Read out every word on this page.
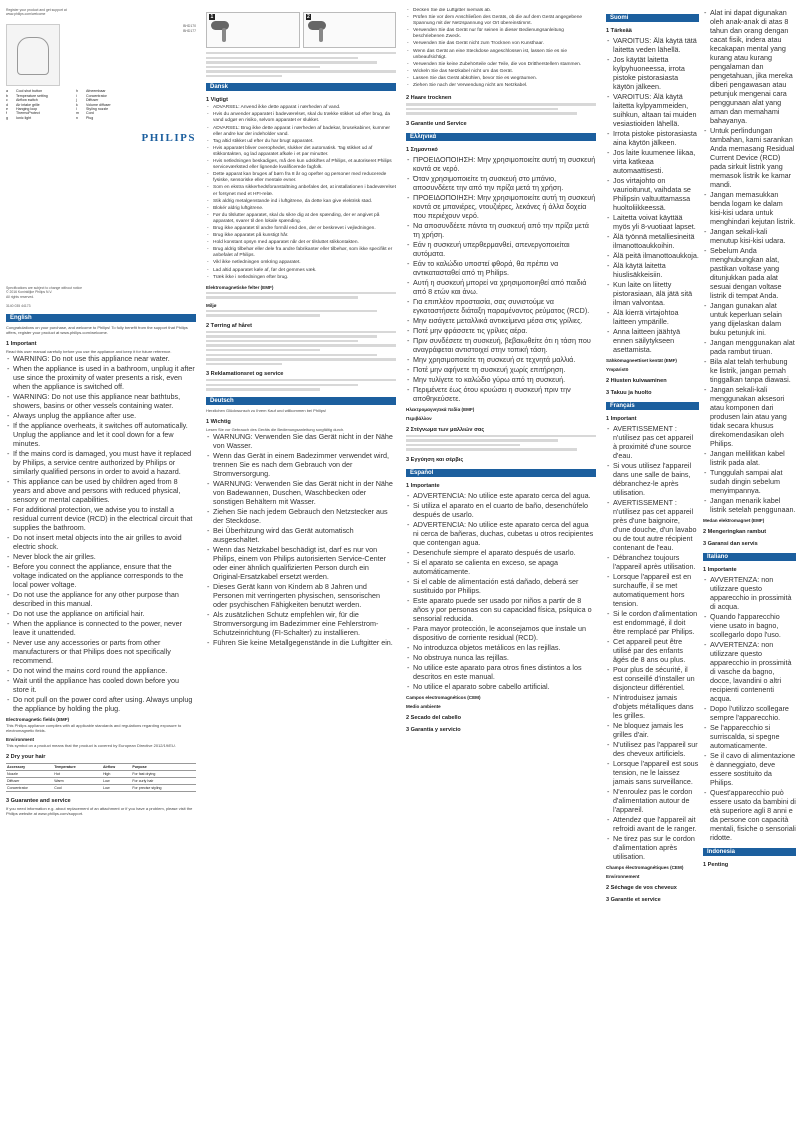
Register your product and get support at
www.philips.com/welcome
BHD170
BHD177
a	Cool shot button	h	Afneembaar
b	Temperature setting	i	Concentrator
c	Airflow switch	j	Diffuser
d	Air intake grille	k	Volume diffuser
e	Hanging loop	l	Styling nozzle
f	ThermoProtect	m	Cord
g	Ionic light	n	Plug
PHILIPS
Specifications are subject to change without notice
© 2016 Koninklijke Philips N.V.
All rights reserved.
3140 035 44173
English
Congratulations on your purchase, and welcome to Philips! To fully benefit from the support that Philips offers, register your product at www.philips.com/welcome.
1 Important
Read this user manual carefully before you use the appliance and keep it for future reference.
- WARNING: Do not use this appliance near water.
- When the appliance is used in a bathroom, unplug it after use since the proximity of water presents a risk, even when the appliance is switched off.
- WARNING: Do not use this appliance near bathtubs, showers, basins or other vessels containing water.
- Always unplug the appliance after use.
- If the appliance overheats, it switches off automatically. Unplug the appliance and let it cool down for a few minutes.
- If the mains cord is damaged, you must have it replaced by Philips, a service centre authorized by Philips or similarly qualified persons in order to avoid a hazard.
- This appliance can be used by children aged from 8 years and above and persons with reduced physical, sensory or mental capabilities.
- For additional protection, we advise you to install a residual current device (RCD) in the electrical circuit that supplies the bathroom.
- Do not insert metal objects into the air grilles to avoid electric shock.
- Never block the air grilles.
- Before you connect the appliance, ensure that the voltage indicated on the appliance corresponds to the local power voltage.
- Do not use the appliance for any other purpose than described in this manual.
- Do not use the appliance on artificial hair.
- When the appliance is connected to the power, never leave it unattended.
- Never use any accessories or parts from other manufacturers or that Philips does not specifically recommend.
- Do not wind the mains cord round the appliance.
- Wait until the appliance has cooled down before you store it.
- Do not pull on the power cord after using. Always unplug the appliance by holding the plug.
Electromagnetic fields (EMF)
This Philips appliance complies with all applicable standards and regulations regarding exposure to electromagnetic fields.
Environment
This symbol on a product means that the product is covered by European Directive 2012/19/EU.
2 Dry your hair
Accessory	Temperature	Airflow	Purpose
Nozzle	Hot	High	For fast drying
Diffuser	Warm	Low	For curly hair
Concentrator	Cool	Low	For precise styling
3 Guarantee and service
If you need information e.g. about replacement of an attachment or if you have a problem, please visit the Philips website at www.philips.com/support.
1	2
Dansk
1 Vigtigt
- ADVARSEL: Anvend ikke dette apparat i nærheden af vand.
- Hvis du anvender apparatet i badeværelset, skal du trække stikket ud efter brug, da vand udgør en risiko, selvom apparatet er slukket.
- ADVARSEL: Brug ikke dette apparat i nærheden af badekar, brusekabiner, kummer eller andre kar der indeholder vand.
- Tag altid stikket ud efter du har brugt apparatet.
- Hvis apparatet bliver overophedet, slukker det automatisk. Tag stikket ud af stikkontakten, og lad apparatet afkøle i et par minutter.
- Hvis netledningen beskadiges, må den kun udskiftes af Philips, et autoriseret Philips serviceværksted eller lignende kvalificerede fagfolk.
- Dette apparat kan bruges af børn fra 8 år og opefter og personer med reducerede fysiske, sensoriske eller mentale evner.
- Som en ekstra sikkerhedsforanstaltning anbefales det, at installationen i badeværelset er forsynet med et HFI-relæ.
- Stik aldrig metalgenstande ind i luftgitrene, da dette kan give elektrisk stød.
- Blokér aldrig luftgitrene.
- Før du tilslutter apparatet, skal du sikre dig at den spænding, der er angivet på apparatet, svarer til den lokale spænding.
- Brug ikke apparatet til andre formål end den, der er beskrevet i vejledningen.
- Brug ikke apparatet på kunstigt hår.
- Hold konstant opsyn med apparatet når det er tilsluttet stikkontakten.
- Brug aldrig tilbehør eller dele fra andre fabrikanter eller tilbehør, som ikke specifikt er anbefalet af Philips.
- Vikl ikke netledningen omkring apparatet.
- Lad altid apparatet køle af, før det gemmes væk.
- Træk ikke i netledningen efter brug.
Elektromagnetiske felter (EMF)
Miljø
2 Tørring af håret
3 Reklamationsret og service
Deutsch
Herzlichen Glückwunsch zu Ihrem Kauf und willkommen bei Philips!
1 Wichtig
Lesen Sie vor Gebrauch des Geräts die Bedienungsanleitung sorgfältig durch.
- WARNUNG: Verwenden Sie das Gerät nicht in der Nähe von Wasser.
- Wenn das Gerät in einem Badezimmer verwendet wird, trennen Sie es nach dem Gebrauch von der Stromversorgung.
- WARNUNG: Verwenden Sie das Gerät nicht in der Nähe von Badewannen, Duschen, Waschbecken oder sonstigen Behältern mit Wasser.
- Ziehen Sie nach jedem Gebrauch den Netzstecker aus der Steckdose.
- Bei Überhitzung wird das Gerät automatisch ausgeschaltet.
- Wenn das Netzkabel beschädigt ist, darf es nur von Philips, einem von Philips autorisierten Service-Center oder einer ähnlich qualifizierten Person durch ein Original-Ersatzkabel ersetzt werden.
- Dieses Gerät kann von Kindern ab 8 Jahren und Personen mit verringerten physischen, sensorischen oder psychischen Fähigkeiten benutzt werden.
- Als zusätzlichen Schutz empfehlen wir, für die Stromversorgung im Badezimmer eine Fehlerstrom-Schutzeinrichtung (FI-Schalter) zu installieren.
- Führen Sie keine Metallgegenstände in die Luftgitter ein.
- Decken Sie die Luftgitter niemals ab.
- Prüfen Sie vor dem Anschließen des Geräts, ob die auf dem Gerät angegebene Spannung mit der Netzspannung vor Ort übereinstimmt.
- Verwenden Sie das Gerät nur für seinen in dieser Bedienungsanleitung beschriebenen Zweck.
- Verwenden Sie das Gerät nicht zum Trocknen von Kunsthaar.
- Wenn das Gerät an eine Steckdose angeschlossen ist, lassen Sie es nie unbeaufsichtigt.
- Verwenden Sie keine Zubehörteile oder Teile, die von Drittherstellern stammen.
- Wickeln Sie das Netzkabel nicht um das Gerät.
- Lassen Sie das Gerät abkühlen, bevor Sie es wegräumen.
- Ziehen Sie nach der Verwendung nicht am Netzkabel.
2 Haare trocknen
3 Garantie und Service
Ελληνικά
1 Σημαντικό
- ΠΡΟΕΙΔΟΠΟΙΗΣΗ: Μην χρησιμοποιείτε αυτή τη συσκευή κοντά σε νερό.
- Όταν χρησιμοποιείτε τη συσκευή στο μπάνιο, αποσυνδέετε την από την πρίζα μετά τη χρήση.
- ΠΡΟΕΙΔΟΠΟΙΗΣΗ: Μην χρησιμοποιείτε αυτή τη συσκευή κοντά σε μπανιέρες, ντουζιέρες, λεκάνες ή άλλα δοχεία που περιέχουν νερό.
- Να αποσυνδέετε πάντα τη συσκευή από την πρίζα μετά τη χρήση.
- Εάν η συσκευή υπερθερμανθεί, απενεργοποιείται αυτόματα.
- Εάν το καλώδιο υποστεί φθορά, θα πρέπει να αντικατασταθεί από τη Philips.
- Αυτή η συσκευή μπορεί να χρησιμοποιηθεί από παιδιά από 8 ετών και άνω.
- Για επιπλέον προστασία, σας συνιστούμε να εγκαταστήσετε διάταξη παραμένοντος ρεύματος (RCD).
- Μην εισάγετε μεταλλικά αντικείμενα μέσα στις γρίλιες.
- Ποτέ μην φράσσετε τις γρίλιες αέρα.
- Πριν συνδέσετε τη συσκευή, βεβαιωθείτε ότι η τάση που αναγράφεται αντιστοιχεί στην τοπική τάση.
- Μην χρησιμοποιείτε τη συσκευή σε τεχνητά μαλλιά.
- Ποτέ μην αφήνετε τη συσκευή χωρίς επιτήρηση.
- Μην τυλίγετε το καλώδιο γύρω από τη συσκευή.
- Περιμένετε έως ότου κρυώσει η συσκευή πριν την αποθηκεύσετε.
Ηλεκτρομαγνητικά πεδία (EMF)
Περιβάλλον
2 Στέγνωμα των μαλλιών σας
3 Εγγύηση και σέρβις
Español
1 Importante
- ADVERTENCIA: No utilice este aparato cerca del agua.
- Si utiliza el aparato en el cuarto de baño, desenchúfelo después de usarlo.
- ADVERTENCIA: No utilice este aparato cerca del agua ni cerca de bañeras, duchas, cubetas u otros recipientes que contengan agua.
- Desenchufe siempre el aparato después de usarlo.
- Si el aparato se calienta en exceso, se apaga automáticamente.
- Si el cable de alimentación está dañado, deberá ser sustituido por Philips.
- Este aparato puede ser usado por niños a partir de 8 años y por personas con su capacidad física, psíquica o sensorial reducida.
- Para mayor protección, le aconsejamos que instale un dispositivo de corriente residual (RCD).
- No introduzca objetos metálicos en las rejillas.
- No obstruya nunca las rejillas.
- No utilice este aparato para otros fines distintos a los descritos en este manual.
- No utilice el aparato sobre cabello artificial.
Campos electromagnéticos (CEM)
Medio ambiente
2 Secado del cabello
3 Garantía y servicio
Suomi
1 Tärkeää
- VAROITUS: Älä käytä tätä laitetta veden lähellä.
- Jos käytät laitetta kylpyhuoneessa, irrota pistoke pistorasiasta käytön jälkeen.
- VAROITUS: Älä käytä laitetta kylpyammeiden, suihkun, altaan tai muiden vesiastioiden lähellä.
- Irrota pistoke pistorasiasta aina käytön jälkeen.
- Jos laite kuumenee liikaa, virta katkeaa automaattisesti.
- Jos virtajohto on vaurioitunut, vaihdata se Philipsin valtuuttamassa huoltoliikkeessä.
- Laitetta voivat käyttää myös yli 8-vuotiaat lapset.
- Älä työnnä metalliesineitä ilmanottoaukkoihin.
- Älä peitä ilmanottoaukkoja.
- Älä käytä laitetta hiuslisäkkeisiin.
- Kun laite on liitetty pistorasiaan, älä jätä sitä ilman valvontaa.
- Älä kierrä virtajohtoa laitteen ympärille.
- Anna laitteen jäähtyä ennen säilytykseen asettamista.
Sähkömagneettiset kentät (EMF)
Ympäristö
2 Hiusten kuivaaminen
3 Takuu ja huolto
Français
1 Important
- AVERTISSEMENT : n'utilisez pas cet appareil à proximité d'une source d'eau.
- Si vous utilisez l'appareil dans une salle de bains, débranchez-le après utilisation.
- AVERTISSEMENT : n'utilisez pas cet appareil près d'une baignoire, d'une douche, d'un lavabo ou de tout autre récipient contenant de l'eau.
- Débranchez toujours l'appareil après utilisation.
- Lorsque l'appareil est en surchauffe, il se met automatiquement hors tension.
- Si le cordon d'alimentation est endommagé, il doit être remplacé par Philips.
- Cet appareil peut être utilisé par des enfants âgés de 8 ans ou plus.
- Pour plus de sécurité, il est conseillé d'installer un disjoncteur différentiel.
- N'introduisez jamais d'objets métalliques dans les grilles.
- Ne bloquez jamais les grilles d'air.
- N'utilisez pas l'appareil sur des cheveux artificiels.
- Lorsque l'appareil est sous tension, ne le laissez jamais sans surveillance.
- N'enroulez pas le cordon d'alimentation autour de l'appareil.
- Attendez que l'appareil ait refroidi avant de le ranger.
- Ne tirez pas sur le cordon d'alimentation après utilisation.
Champs électromagnétiques (CEM)
Environnement
2 Séchage de vos cheveux
3 Garantie et service
- Alat ini dapat digunakan oleh anak-anak di atas 8 tahun dan orang dengan cacat fisik, indera atau kecakapan mental yang kurang atau kurang pengalaman dan pengetahuan, jika mereka diberi pengawasan atau petunjuk mengenai cara penggunaan alat yang aman dan memahami bahayanya.
- Untuk perlindungan tambahan, kami sarankan Anda memasang Residual Current Device (RCD) pada sirkuit listrik yang memasok listrik ke kamar mandi.
- Jangan memasukkan benda logam ke dalam kisi-kisi udara untuk menghindari kejutan listrik.
- Jangan sekali-kali menutup kisi-kisi udara.
- Sebelum Anda menghubungkan alat, pastikan voltase yang ditunjukkan pada alat sesuai dengan voltase listrik di tempat Anda.
- Jangan gunakan alat untuk keperluan selain yang dijelaskan dalam buku petunjuk ini.
- Jangan menggunakan alat pada rambut tiruan.
- Bila alat telah terhubung ke listrik, jangan pernah tinggalkan tanpa diawasi.
- Jangan sekali-kali menggunakan aksesori atau komponen dari produsen lain atau yang tidak secara khusus direkomendasikan oleh Philips.
- Jangan melilitkan kabel listrik pada alat.
- Tunggulah sampai alat sudah dingin sebelum menyimpannya.
- Jangan menarik kabel listrik setelah penggunaan.
Medan elektromagnet (EMF)
2 Mengeringkan rambut
3 Garansi dan servis
Italiano
1 Importante
- AVVERTENZA: non utilizzare questo apparecchio in prossimità di acqua.
- Quando l'apparecchio viene usato in bagno, scollegarlo dopo l'uso.
- AVVERTENZA: non utilizzare questo apparecchio in prossimità di vasche da bagno, docce, lavandini o altri recipienti contenenti acqua.
- Dopo l'utilizzo scollegare sempre l'apparecchio.
- Se l'apparecchio si surriscalda, si spegne automaticamente.
- Se il cavo di alimentazione è danneggiato, deve essere sostituito da Philips.
- Quest'apparecchio può essere usato da bambini di età superiore agli 8 anni e da persone con capacità mentali, fisiche o sensoriali ridotte.
Indonesia
1 Penting
